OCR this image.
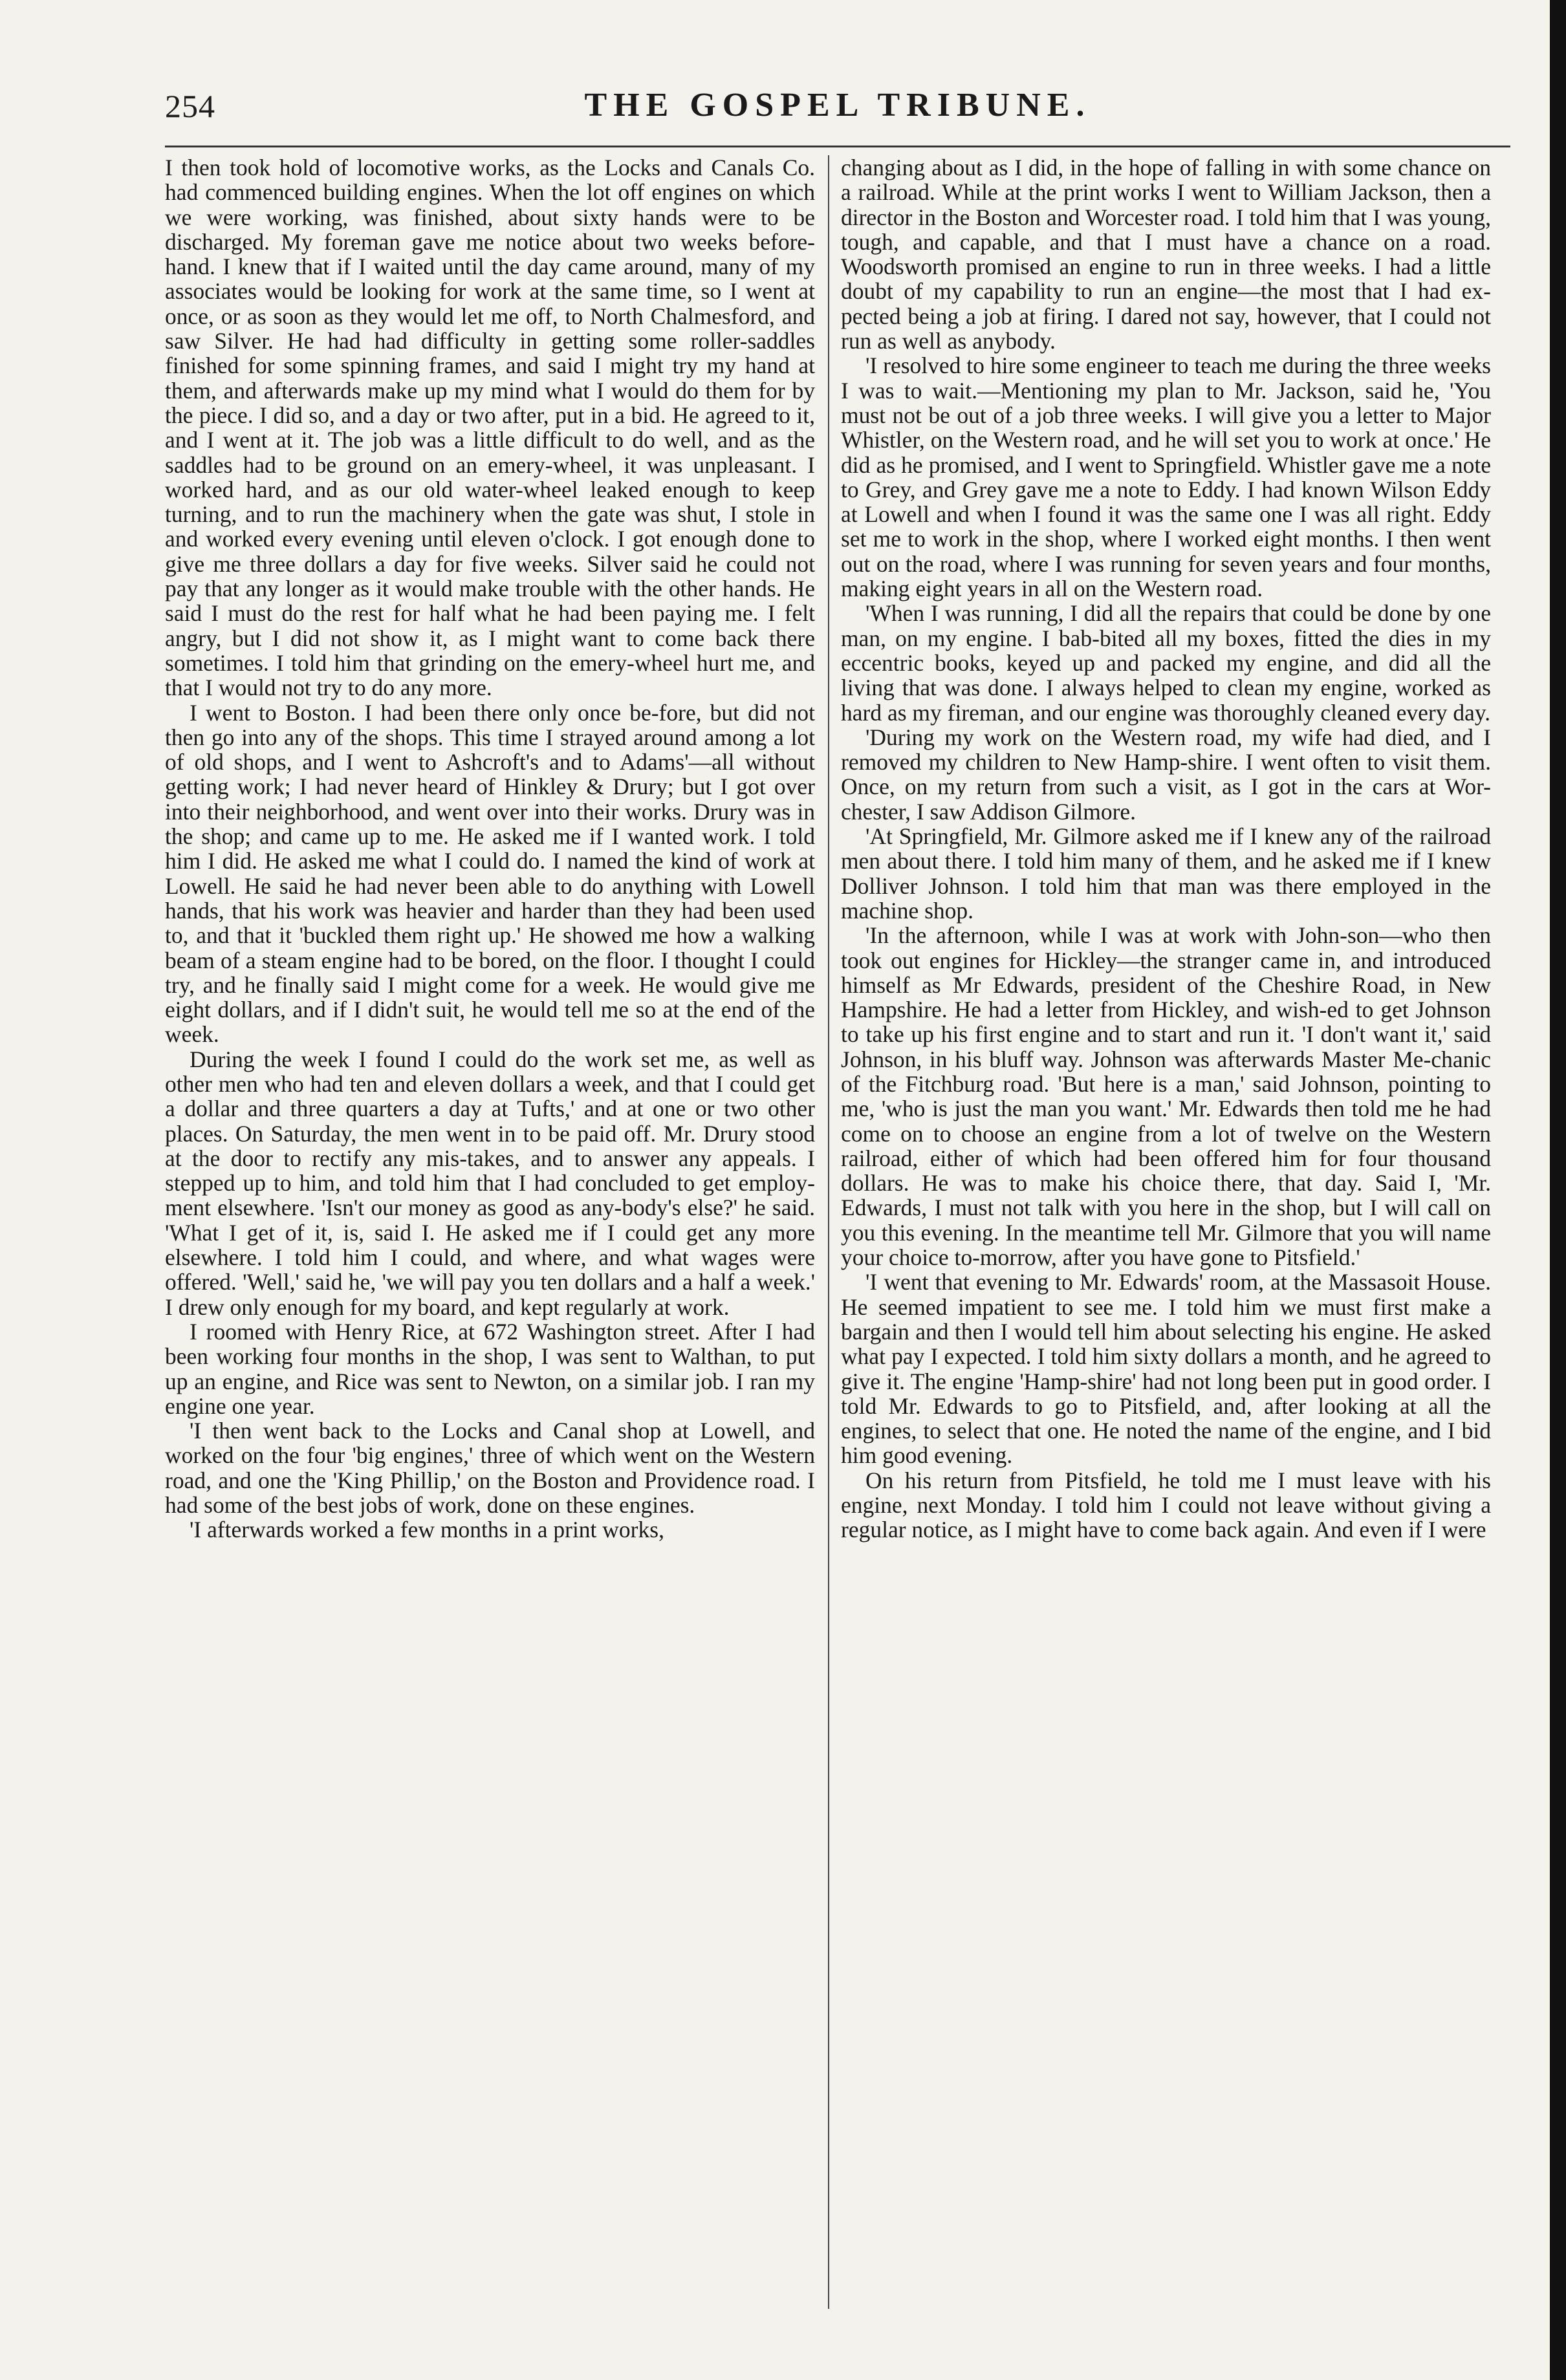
254	THE GOSPEL TRIBUNE.

I then took hold of locomotive works, as the Locks and Canals Co. had commenced building engines. When the lot off engines on which we were working, was finished, about sixty hands were to be discharged. My foreman gave me notice about two weeks before-hand. I knew that if I waited until the day came around, many of my associates would be looking for work at the same time, so I went at once, or as soon as they would let me off, to North Chalmesford, and saw Silver. He had had difficulty in getting some roller-saddles finished for some spinning frames, and said I might try my hand at them, and afterwards make up my mind what I would do them for by the piece. I did so, and a day or two after, put in a bid. He agreed to it, and I went at it. The job was a little difficult to do well, and as the saddles had to be ground on an emery-wheel, it was unpleasant. I worked hard, and as our old water-wheel leaked enough to keep turning, and to run the machinery when the gate was shut, I stole in and worked every evening until eleven o'clock. I got enough done to give me three dollars a day for five weeks. Silver said he could not pay that any longer as it would make trouble with the other hands. He said I must do the rest for half what he had been paying me. I felt angry, but I did not show it, as I might want to come back there sometimes. I told him that grinding on the emery-wheel hurt me, and that I would not try to do any more.

I went to Boston. I had been there only once be-fore, but did not then go into any of the shops. This time I strayed around among a lot of old shops, and I went to Ashcroft's and to Adams'—all without getting work; I had never heard of Hinkley & Drury; but I got over into their neighborhood, and went over into their works. Drury was in the shop; and came up to me. He asked me if I wanted work. I told him I did. He asked me what I could do. I named the kind of work at Lowell. He said he had never been able to do anything with Lowell hands, that his work was heavier and harder than they had been used to, and that it 'buckled them right up.' He showed me how a walking beam of a steam engine had to be bored, on the floor. I thought I could try, and he finally said I might come for a week. He would give me eight dollars, and if I didn't suit, he would tell me so at the end of the week.

During the week I found I could do the work set me, as well as other men who had ten and eleven dollars a week, and that I could get a dollar and three quarters a day at Tufts,' and at one or two other places. On Saturday, the men went in to be paid off. Mr. Drury stood at the door to rectify any mis-takes, and to answer any appeals. I stepped up to him, and told him that I had concluded to get employ-ment elsewhere. 'Isn't our money as good as any-body's else?' he said. 'What I get of it, is, said I. He asked me if I could get any more elsewhere. I told him I could, and where, and what wages were offered. 'Well,' said he, 'we will pay you ten dollars and a half a week.' I drew only enough for my board, and kept regularly at work.

I roomed with Henry Rice, at 672 Washington street. After I had been working four months in the shop, I was sent to Walthan, to put up an engine, and Rice was sent to Newton, on a similar job. I ran my engine one year.

'I then went back to the Locks and Canal shop at Lowell, and worked on the four 'big engines,' three of which went on the Western road, and one the 'King Phillip,' on the Boston and Providence road. I had some of the best jobs of work, done on these engines.

'I afterwards worked a few months in a print works,

changing about as I did, in the hope of falling in with some chance on a railroad. While at the print works I went to William Jackson, then a director in the Boston and Worcester road. I told him that I was young, tough, and capable, and that I must have a chance on a road. Woodsworth promised an engine to run in three weeks. I had a little doubt of my capability to run an engine—the most that I had ex-pected being a job at firing. I dared not say, however, that I could not run as well as anybody.

'I resolved to hire some engineer to teach me during the three weeks I was to wait.—Mentioning my plan to Mr. Jackson, said he, 'You must not be out of a job three weeks. I will give you a letter to Major Whistler, on the Western road, and he will set you to work at once.' He did as he promised, and I went to Springfield. Whistler gave me a note to Grey, and Grey gave me a note to Eddy. I had known Wilson Eddy at Lowell and when I found it was the same one I was all right. Eddy set me to work in the shop, where I worked eight months. I then went out on the road, where I was running for seven years and four months, making eight years in all on the Western road.

'When I was running, I did all the repairs that could be done by one man, on my engine. I bab-bited all my boxes, fitted the dies in my eccentric books, keyed up and packed my engine, and did all the living that was done. I always helped to clean my engine, worked as hard as my fireman, and our engine was thoroughly cleaned every day.

'During my work on the Western road, my wife had died, and I removed my children to New Hamp-shire. I went often to visit them. Once, on my return from such a visit, as I got in the cars at Wor-chester, I saw Addison Gilmore.

'At Springfield, Mr. Gilmore asked me if I knew any of the railroad men about there. I told him many of them, and he asked me if I knew Dolliver Johnson. I told him that man was there employed in the machine shop.

'In the afternoon, while I was at work with John-son—who then took out engines for Hickley—the stranger came in, and introduced himself as Mr Edwards, president of the Cheshire Road, in New Hampshire. He had a letter from Hickley, and wish-ed to get Johnson to take up his first engine and to start and run it. 'I don't want it,' said Johnson, in his bluff way. Johnson was afterwards Master Me-chanic of the Fitchburg road. 'But here is a man,' said Johnson, pointing to me, 'who is just the man you want.' Mr. Edwards then told me he had come on to choose an engine from a lot of twelve on the Western railroad, either of which had been offered him for four thousand dollars. He was to make his choice there, that day. Said I, 'Mr. Edwards, I must not talk with you here in the shop, but I will call on you this evening. In the meantime tell Mr. Gilmore that you will name your choice to-morrow, after you have gone to Pitsfield.'

'I went that evening to Mr. Edwards' room, at the Massasoit House. He seemed impatient to see me. I told him we must first make a bargain and then I would tell him about selecting his engine. He asked what pay I expected. I told him sixty dollars a month, and he agreed to give it. The engine 'Hamp-shire' had not long been put in good order. I told Mr. Edwards to go to Pitsfield, and, after looking at all the engines, to select that one. He noted the name of the engine, and I bid him good evening.

On his return from Pitsfield, he told me I must leave with his engine, next Monday. I told him I could not leave without giving a regular notice, as I might have to come back again. And even if I were
